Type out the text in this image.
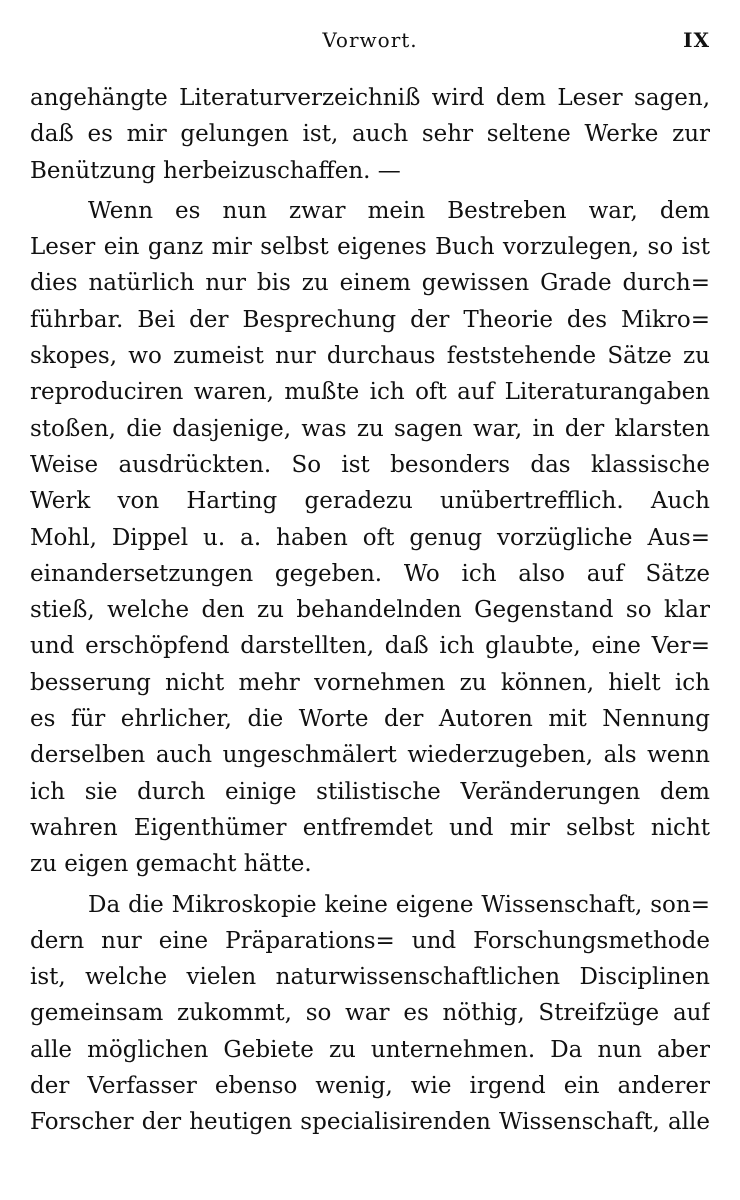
Vorwort.	IX
angehängte Literaturverzeichniß wird dem Leser sagen,
daß es mir gelungen ist, auch sehr seltene Werke zur
Benützung herbeizuschaffen. —
Wenn es nun zwar mein Bestreben war, dem
Leser ein ganz mir selbst eigenes Buch vorzulegen, so ist
dies natürlich nur bis zu einem gewissen Grade durch=
führbar. Bei der Besprechung der Theorie des Mikro=
skopes, wo zumeist nur durchaus feststehende Sätze zu
reproduciren waren, mußte ich oft auf Literaturangaben
stoßen, die dasjenige, was zu sagen war, in der klarsten
Weise ausdrückten. So ist besonders das klassische
Werk von Harting geradezu unübertrefflich. Auch
Mohl, Dippel u. a. haben oft genug vorzügliche Aus=
einandersetzungen gegeben. Wo ich also auf Sätze
stieß, welche den zu behandelnden Gegenstand so klar
und erschöpfend darstellten, daß ich glaubte, eine Ver=
besserung nicht mehr vornehmen zu können, hielt ich
es für ehrlicher, die Worte der Autoren mit Nennung
derselben auch ungeschmälert wiederzugeben, als wenn
ich sie durch einige stilistische Veränderungen dem
wahren Eigenthümer entfremdet und mir selbst nicht
zu eigen gemacht hätte.
Da die Mikroskopie keine eigene Wissenschaft, son=
dern nur eine Präparations= und Forschungsmethode
ist, welche vielen naturwissenschaftlichen Disciplinen
gemeinsam zukommt, so war es nöthig, Streifzüge auf
alle möglichen Gebiete zu unternehmen. Da nun aber
der Verfasser ebenso wenig, wie irgend ein anderer
Forscher der heutigen specialisirenden Wissenschaft, alle
